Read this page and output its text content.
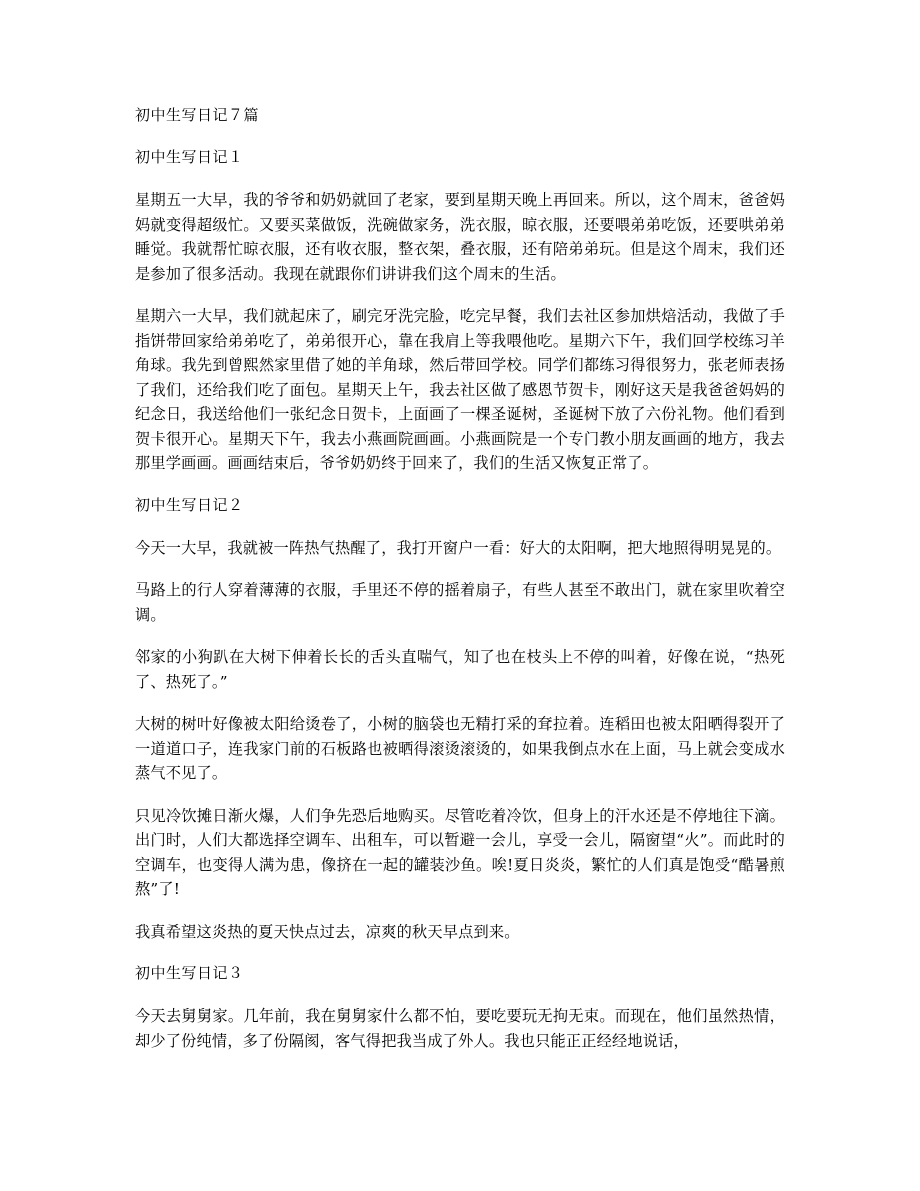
初中生写日记７篇
初中生写日记１

星期五一大早，我的爷爷和奶奶就回了老家，要到星期天晚上再回来。所以，这个周末，爸爸妈妈就变得超级忙。又要买菜做饭，洗碗做家务，洗衣服，晾衣服，还要喂弟弟吃饭，还要哄弟弟睡觉。我就帮忙晾衣服，还有收衣服，整衣架，叠衣服，还有陪弟弟玩。但是这个周末，我们还是参加了很多活动。我现在就跟你们讲讲我们这个周末的生活。

星期六一大早，我们就起床了，刷完牙洗完脸，吃完早餐，我们去社区参加烘焙活动，我做了手指饼带回家给弟弟吃了，弟弟很开心，靠在我肩上等我喂他吃。星期六下午，我们回学校练习羊角球。我先到曾熙然家里借了她的羊角球，然后带回学校。同学们都练习得很努力，张老师表扬了我们，还给我们吃了面包。星期天上午，我去社区做了感恩节贺卡，刚好这天是我爸爸妈妈的纪念日，我送给他们一张纪念日贺卡，上面画了一棵圣诞树，圣诞树下放了六份礼物。他们看到贺卡很开心。星期天下午，我去小燕画院画画。小燕画院是一个专门教小朋友画画的地方，我去那里学画画。画画结束后，爷爷奶奶终于回来了，我们的生活又恢复正常了。

初中生写日记２

今天一大早，我就被一阵热气热醒了，我打开窗户一看：好大的太阳啊，把大地照得明晃晃的。

马路上的行人穿着薄薄的衣服，手里还不停的摇着扇子，有些人甚至不敢出门，就在家里吹着空调。

邻家的小狗趴在大树下伸着长长的舌头直喘气，知了也在枝头上不停的叫着，好像在说，“热死了、热死了。”

大树的树叶好像被太阳给烫卷了，小树的脑袋也无精打采的耷拉着。连稻田也被太阳晒得裂开了一道道口子，连我家门前的石板路也被晒得滚烫滚烫的，如果我倒点水在上面，马上就会变成水蒸气不见了。

只见冷饮摊日渐火爆，人们争先恐后地购买。尽管吃着冷饮，但身上的汗水还是不停地往下滴。出门时，人们大都选择空调车、出租车，可以暂避一会儿，享受一会儿，隔窗望“火”。而此时的空调车，也变得人满为患，像挤在一起的罐装沙鱼。唉!夏日炎炎，繁忙的人们真是饱受“酷暑煎熬”了!

我真希望这炎热的夏天快点过去，凉爽的秋天早点到来。

初中生写日记３

今天去舅舅家。几年前，我在舅舅家什么都不怕，要吃要玩无拘无束。而现在，他们虽然热情，却少了份纯情，多了份隔阂，客气得把我当成了外人。我也只能正正经经地说话，
